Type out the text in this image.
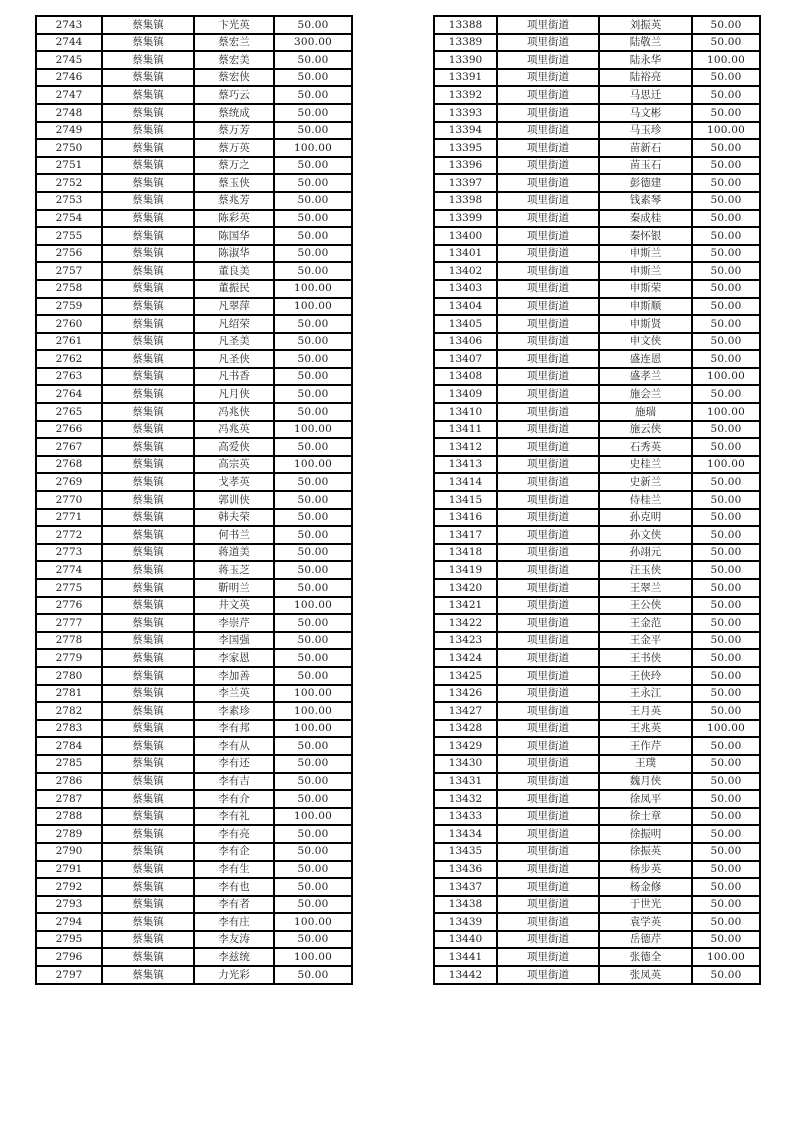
2743	蔡集镇	卞光英	50.00
2744	蔡集镇	蔡宏兰	300.00
2745	蔡集镇	蔡宏美	50.00
2746	蔡集镇	蔡宏侠	50.00
2747	蔡集镇	蔡巧云	50.00
2748	蔡集镇	蔡统成	50.00
2749	蔡集镇	蔡万芳	50.00
2750	蔡集镇	蔡万英	100.00
2751	蔡集镇	蔡万之	50.00
2752	蔡集镇	蔡玉侠	50.00
2753	蔡集镇	蔡兆芳	50.00
2754	蔡集镇	陈彩英	50.00
2755	蔡集镇	陈国华	50.00
2756	蔡集镇	陈淑华	50.00
2757	蔡集镇	董良美	50.00
2758	蔡集镇	董振民	100.00
2759	蔡集镇	凡翠萍	100.00
2760	蔡集镇	凡绍荣	50.00
2761	蔡集镇	凡圣美	50.00
2762	蔡集镇	凡圣侠	50.00
2763	蔡集镇	凡书香	50.00
2764	蔡集镇	凡月侠	50.00
2765	蔡集镇	冯兆侠	50.00
2766	蔡集镇	冯兆英	100.00
2767	蔡集镇	高爱侠	50.00
2768	蔡集镇	高宗英	100.00
2769	蔡集镇	戈孝英	50.00
2770	蔡集镇	郭训侠	50.00
2771	蔡集镇	韩夫荣	50.00
2772	蔡集镇	何书兰	50.00
2773	蔡集镇	蒋道美	50.00
2774	蔡集镇	蒋玉芝	50.00
2775	蔡集镇	靳明兰	50.00
2776	蔡集镇	井文英	100.00
2777	蔡集镇	李崇芹	50.00
2778	蔡集镇	李国强	50.00
2779	蔡集镇	李家恩	50.00
2780	蔡集镇	李加善	50.00
2781	蔡集镇	李兰英	100.00
2782	蔡集镇	李素珍	100.00
2783	蔡集镇	李有邦	100.00
2784	蔡集镇	李有从	50.00
2785	蔡集镇	李有还	50.00
2786	蔡集镇	李有吉	50.00
2787	蔡集镇	李有介	50.00
2788	蔡集镇	李有礼	100.00
2789	蔡集镇	李有亮	50.00
2790	蔡集镇	李有企	50.00
2791	蔡集镇	李有生	50.00
2792	蔡集镇	李有也	50.00
2793	蔡集镇	李有者	50.00
2794	蔡集镇	李有庄	100.00
2795	蔡集镇	李友涛	50.00
2796	蔡集镇	李兹统	100.00
2797	蔡集镇	力光彩	50.00
13388	项里街道	刘振英	50.00
13389	项里街道	陆敬兰	50.00
13390	项里街道	陆永华	100.00
13391	项里街道	陆裕亮	50.00
13392	项里街道	马思迁	50.00
13393	项里街道	马文彬	50.00
13394	项里街道	马玉珍	100.00
13395	项里街道	苗新石	50.00
13396	项里街道	苗玉石	50.00
13397	项里街道	彭德建	50.00
13398	项里街道	钱素琴	50.00
13399	项里街道	秦成桂	50.00
13400	项里街道	秦怀银	50.00
13401	项里街道	申斯兰	50.00
13402	项里街道	申斯兰	50.00
13403	项里街道	申斯荣	50.00
13404	项里街道	申斯顺	50.00
13405	项里街道	申斯贤	50.00
13406	项里街道	申文侠	50.00
13407	项里街道	盛连恩	50.00
13408	项里街道	盛孝兰	100.00
13409	项里街道	施会兰	50.00
13410	项里街道	施瑞	100.00
13411	项里街道	施云侠	50.00
13412	项里街道	石秀英	50.00
13413	项里街道	史桂兰	100.00
13414	项里街道	史新兰	50.00
13415	项里街道	侍桂兰	50.00
13416	项里街道	孙克明	50.00
13417	项里街道	孙文侠	50.00
13418	项里街道	孙翊元	50.00
13419	项里街道	汪玉侠	50.00
13420	项里街道	王翠兰	50.00
13421	项里街道	王公侠	50.00
13422	项里街道	王金范	50.00
13423	项里街道	王金平	50.00
13424	项里街道	王书侠	50.00
13425	项里街道	王侠玲	50.00
13426	项里街道	王永江	50.00
13427	项里街道	王月英	50.00
13428	项里街道	王兆英	100.00
13429	项里街道	王作芹	50.00
13430	项里街道	王璞	50.00
13431	项里街道	魏月侠	50.00
13432	项里街道	徐凤平	50.00
13433	项里街道	徐士章	50.00
13434	项里街道	徐振明	50.00
13435	项里街道	徐振英	50.00
13436	项里街道	杨步英	50.00
13437	项里街道	杨金修	50.00
13438	项里街道	于世光	50.00
13439	项里街道	袁学英	50.00
13440	项里街道	岳德芹	50.00
13441	项里街道	张德全	100.00
13442	项里街道	张凤英	50.00
